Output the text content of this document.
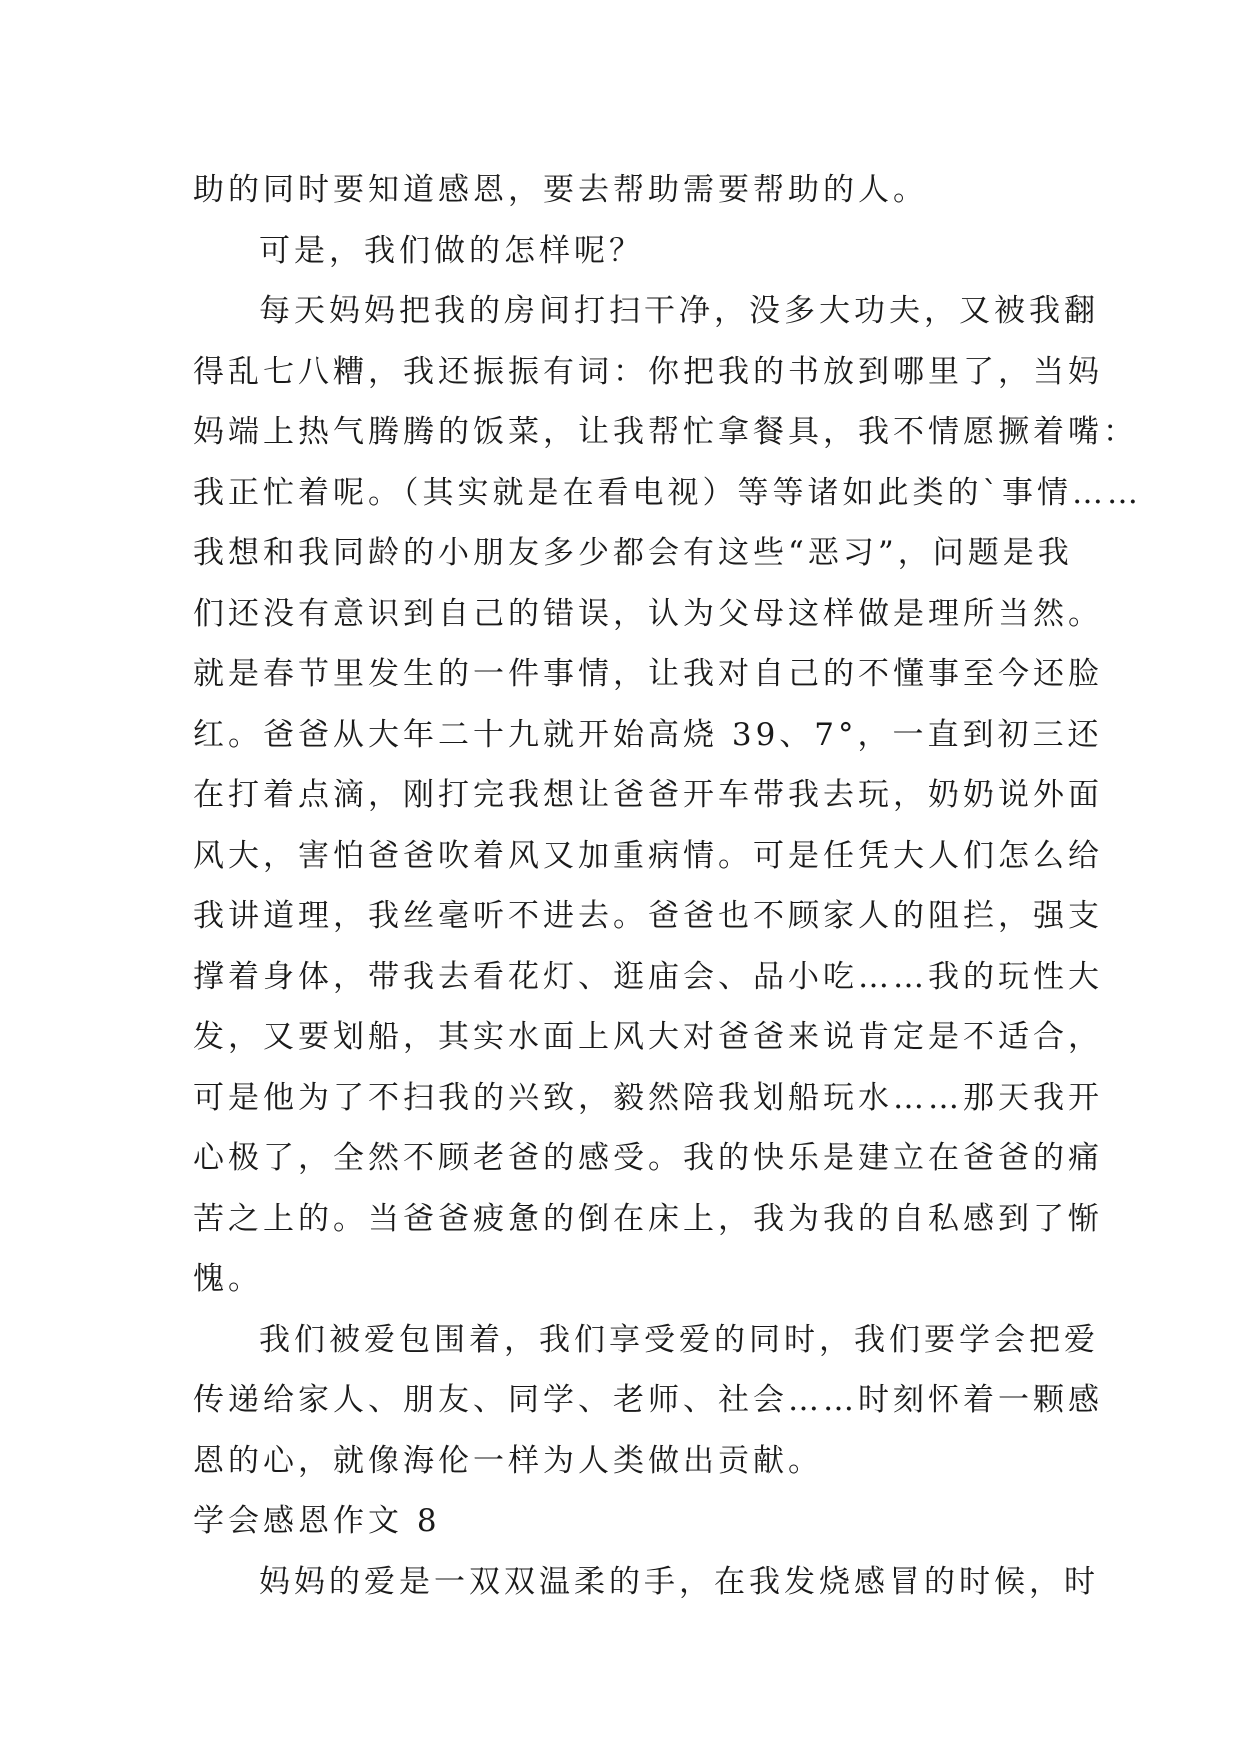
助的同时要知道感恩，要去帮助需要帮助的人。
可是，我们做的怎样呢？
每天妈妈把我的房间打扫干净，没多大功夫，又被我翻
得乱七八糟，我还振振有词：你把我的书放到哪里了，当妈
妈端上热气腾腾的饭菜，让我帮忙拿餐具，我不情愿撅着嘴：
我正忙着呢。（其实就是在看电视）等等诸如此类的`事情……
我想和我同龄的小朋友多少都会有这些“恶习”，问题是我
们还没有意识到自己的错误，认为父母这样做是理所当然。
就是春节里发生的一件事情，让我对自己的不懂事至今还脸
红。爸爸从大年二十九就开始高烧 39、7°，一直到初三还
在打着点滴，刚打完我想让爸爸开车带我去玩，奶奶说外面
风大，害怕爸爸吹着风又加重病情。可是任凭大人们怎么给
我讲道理，我丝毫听不进去。爸爸也不顾家人的阻拦，强支
撑着身体，带我去看花灯、逛庙会、品小吃……我的玩性大
发，又要划船，其实水面上风大对爸爸来说肯定是不适合，
可是他为了不扫我的兴致，毅然陪我划船玩水……那天我开
心极了，全然不顾老爸的感受。我的快乐是建立在爸爸的痛
苦之上的。当爸爸疲惫的倒在床上，我为我的自私感到了惭
愧。
我们被爱包围着，我们享受爱的同时，我们要学会把爱
传递给家人、朋友、同学、老师、社会……时刻怀着一颗感
恩的心，就像海伦一样为人类做出贡献。
学会感恩作文 8
妈妈的爱是一双双温柔的手，在我发烧感冒的时候，时
